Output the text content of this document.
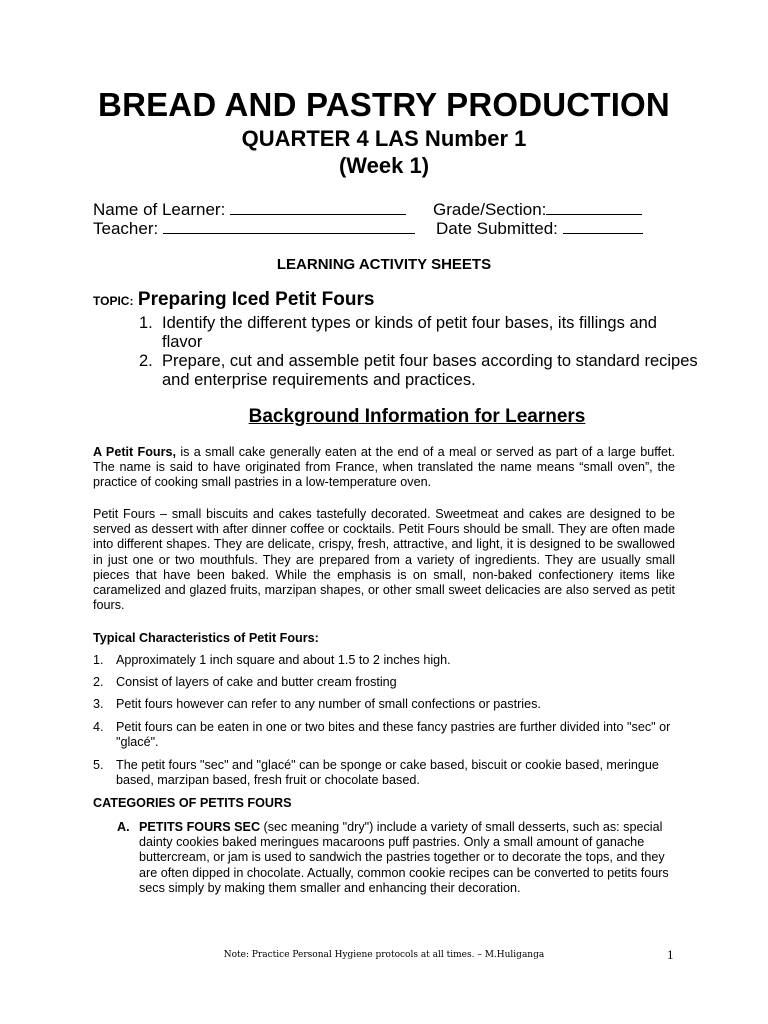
BREAD AND PASTRY PRODUCTION
QUARTER 4 LAS Number 1
(Week 1)
Name of Learner:	Grade/Section:
Teacher:	Date Submitted:
LEARNING ACTIVITY SHEETS
TOPIC: Preparing Iced Petit Fours
1. Identify the different types or kinds of petit four bases, its fillings and flavor
2. Prepare, cut and assemble petit four bases according to standard recipes and enterprise requirements and practices.
Background Information for Learners
A Petit Fours, is a small cake generally eaten at the end of a meal or served as part of a large buffet. The name is said to have originated from France, when translated the name means “small oven”, the practice of cooking small pastries in a low-temperature oven.
Petit Fours – small biscuits and cakes tastefully decorated. Sweetmeat and cakes are designed to be served as dessert with after dinner coffee or cocktails. Petit Fours should be small. They are often made into different shapes. They are delicate, crispy, fresh, attractive, and light, it is designed to be swallowed in just one or two mouthfuls. They are prepared from a variety of ingredients. They are usually small pieces that have been baked. While the emphasis is on small, non-baked confectionery items like caramelized and glazed fruits, marzipan shapes, or other small sweet delicacies are also served as petit fours.
Typical Characteristics of Petit Fours:
1. Approximately 1 inch square and about 1.5 to 2 inches high.
2. Consist of layers of cake and butter cream frosting
3. Petit fours however can refer to any number of small confections or pastries.
4. Petit fours can be eaten in one or two bites and these fancy pastries are further divided into "sec" or "glacé".
5. The petit fours "sec" and "glacé" can be sponge or cake based, biscuit or cookie based, meringue based, marzipan based, fresh fruit or chocolate based.
CATEGORIES OF PETITS FOURS
A. PETITS FOURS SEC (sec meaning "dry") include a variety of small desserts, such as: special dainty cookies baked meringues macaroons puff pastries. Only a small amount of ganache buttercream, or jam is used to sandwich the pastries together or to decorate the tops, and they are often dipped in chocolate. Actually, common cookie recipes can be converted to petits fours secs simply by making them smaller and enhancing their decoration.
Note: Practice Personal Hygiene protocols at all times. – M.Huliganga	1
